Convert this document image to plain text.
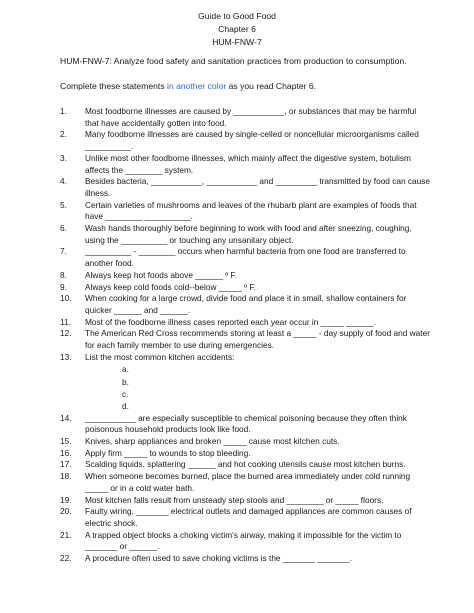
Guide to Good Food
Chapter 6
HUM-FNW-7
HUM-FNW-7: Analyze food safety and sanitation practices from production to consumption.
Complete these statements in another color as you read Chapter 6.
1.	Most foodborne illnesses are caused by ___________, or substances that may be harmful that have accidentally gotten into food.
2.	Many foodborne illnesses are caused by single-celled or noncellular microorganisms called __________.
3.	Unlike most other foodborne illnesses, which mainly affect the digestive system, botulism affects the ________ system.
4.	Besides bacteria, ___________, ___________ and _________ transmitted by food can cause illness.
5.	Certain varieties of mushrooms and leaves of the rhubarb plant are examples of foods that have ________ __________.
6.	Wash hands thoroughly before beginning to work with food and after sneezing, coughing, using the __________ or touching any unsanitary object.
7.	__________ - ________ occurs when harmful bacteria from one food are transferred to another food.
8.	Always keep hot foods above ______ º F.
9.	Always keep cold foods cold--below _____ º F.
10.	When cooking for a large crowd, divide food and place it in small, shallow containers for quicker ______ and ______.
11.	Most of the foodborne illness cases reported each year occur in _____ ______.
12.	The American Red Cross recommends storing at least a _____ - day supply of food and water for each family member to use during emergencies.
13.	List the most common kitchen accidents:
a.
b.
c.
d.
14.	___________ are especially susceptible to chemical poisoning because they often think poisonous household products look like food.
15.	Knives, sharp appliances and broken _____ cause most kitchen cuts.
16.	Apply firm _____ to wounds to stop bleeding.
17.	Scalding liquids, splattering ______ and hot cooking utensils cause most kitchen burns.
18.	When someone becomes burned, place the burned area immediately under cold running _____ or in a cold water bath.
19.	Most kitchen falls result from unsteady step stools and ________ or _____ floors.
20.	Faulty wiring, _______ electrical outlets and damaged appliances are common causes of electric shock.
21.	A trapped object blocks a choking victim's airway, making it impossible for the victim to _______ or ______.
22.	A procedure often used to save choking victims is the _______ _______.
